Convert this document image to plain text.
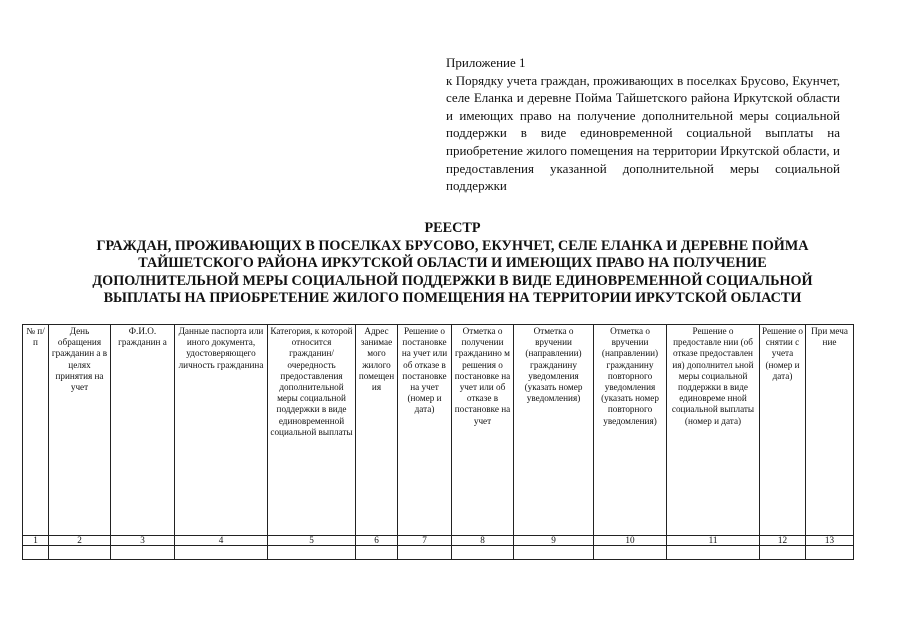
Приложение 1
к Порядку учета граждан, проживающих в поселках Брусово, Екунчет, селе Еланка и деревне Пойма Тайшетского района Иркутской области и имеющих право на получение дополнительной меры социальной поддержки в виде единовременной социальной выплаты на приобретение жилого помещения на территории Иркутской области, и предоставления указанной дополнительной меры социальной поддержки
РЕЕСТР
ГРАЖДАН, ПРОЖИВАЮЩИХ В ПОСЕЛКАХ БРУСОВО, ЕКУНЧЕТ, СЕЛЕ ЕЛАНКА И ДЕРЕВНЕ ПОЙМА
ТАЙШЕТСКОГО РАЙОНА ИРКУТСКОЙ ОБЛАСТИ И ИМЕЮЩИХ ПРАВО НА ПОЛУЧЕНИЕ
ДОПОЛНИТЕЛЬНОЙ МЕРЫ СОЦИАЛЬНОЙ ПОДДЕРЖКИ В ВИДЕ ЕДИНОВРЕМЕННОЙ СОЦИАЛЬНОЙ
ВЫПЛАТЫ НА ПРИОБРЕТЕНИЕ ЖИЛОГО ПОМЕЩЕНИЯ НА ТЕРРИТОРИИ ИРКУТСКОЙ ОБЛАСТИ
№ п/п	День обращения гражданин а в целях принятия на учет	Ф.И.О. гражданин а	Данные паспорта или иного документа, удостоверяющего личность гражданина	Категория, к которой относится гражданин/ очередность предоставления дополнительной меры социальной поддержки в виде единовременной социальной выплаты	Адрес занимае мого жилого помещен ия	Решение о постановке на учет или об отказе в постановке на учет (номер и дата)	Отметка о получении гражданино м решения о постановке на учет или об отказе в постановке на учет	Отметка о вручении (направлении) гражданину уведомления (указать номер уведомления)	Отметка о вручении (направлении) гражданину повторного уведомления (указать номер повторного уведомления)	Решение о предоставле нии (об отказе предоставлен ия) дополнител ьной меры социальной поддержки в виде единовреме нной социальной выплаты (номер и дата)	Решение о снятии с учета (номер и дата)	При меча ние
1	2	3	4	5	6	7	8	9	10	11	12	13
